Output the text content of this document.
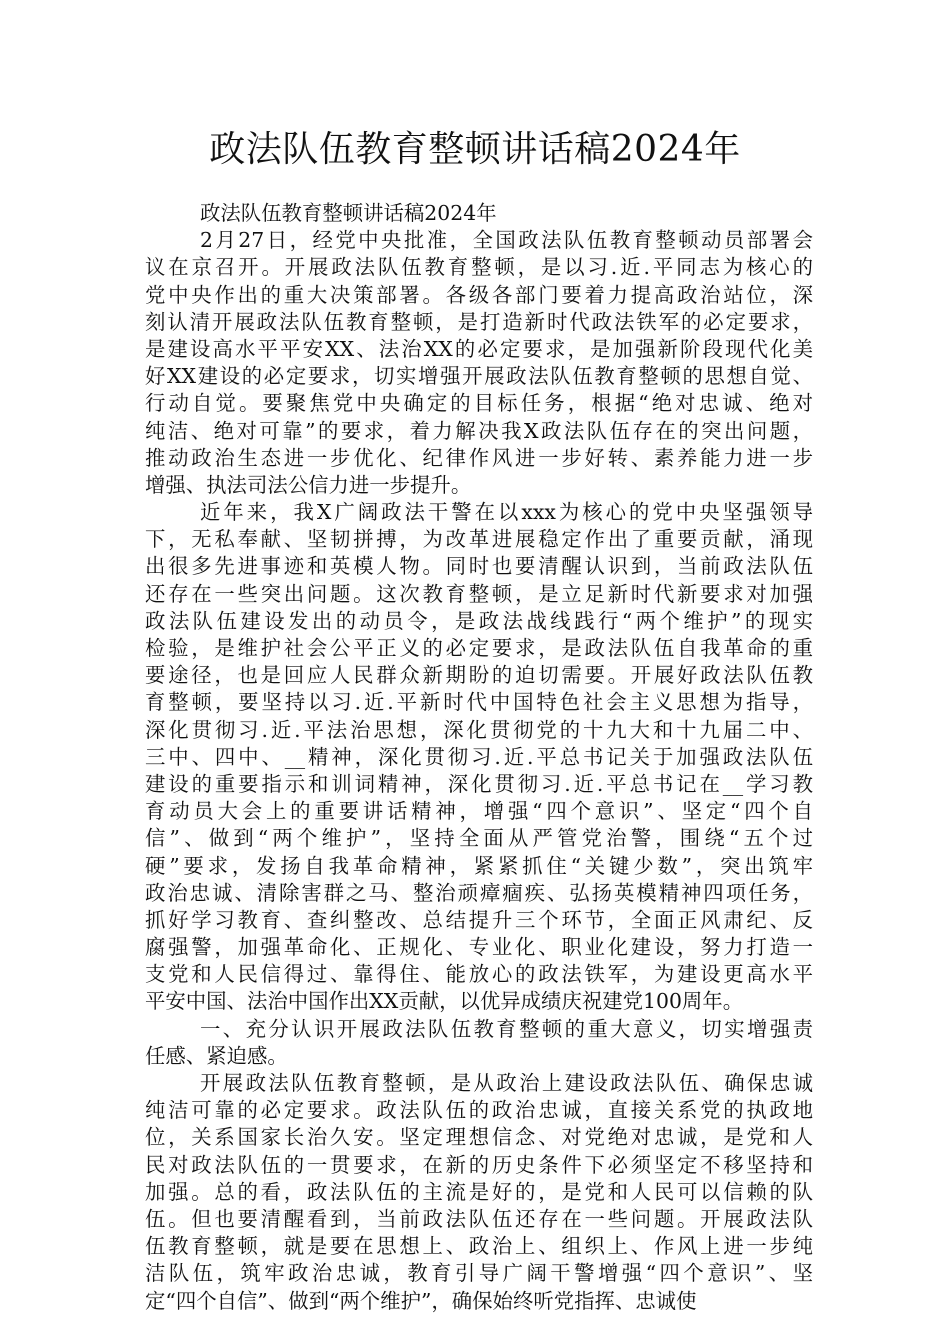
政法队伍教育整顿讲话稿2024年
政法队伍教育整顿讲话稿2024年
2月27日，经党中央批准，全国政法队伍教育整顿动员部署会
议在京召开。开展政法队伍教育整顿，是以习.近.平同志为核心的
党中央作出的重大决策部署。各级各部门要着力提高政治站位，深
刻认清开展政法队伍教育整顿，是打造新时代政法铁军的必定要求，
是建设高水平平安XX、法治XX的必定要求，是加强新阶段现代化美
好XX建设的必定要求，切实增强开展政法队伍教育整顿的思想自觉、
行动自觉。要聚焦党中央确定的目标任务，根据“绝对忠诚、绝对
纯洁、绝对可靠”的要求，着力解决我X政法队伍存在的突出问题，
推动政治生态进一步优化、纪律作风进一步好转、素养能力进一步
增强、执法司法公信力进一步提升。
近年来，我X广阔政法干警在以xxx为核心的党中央坚强领导
下，无私奉献、坚韧拼搏，为改革进展稳定作出了重要贡献，涌现
出很多先进事迹和英模人物。同时也要清醒认识到，当前政法队伍
还存在一些突出问题。这次教育整顿，是立足新时代新要求对加强
政法队伍建设发出的动员令，是政法战线践行“两个维护”的现实
检验，是维护社会公平正义的必定要求，是政法队伍自我革命的重
要途径，也是回应人民群众新期盼的迫切需要。开展好政法队伍教
育整顿，要坚持以习.近.平新时代中国特色社会主义思想为指导，
深化贯彻习.近.平法治思想，深化贯彻党的十九大和十九届二中、
三中、四中、__精神，深化贯彻习.近.平总书记关于加强政法队伍
建设的重要指示和训词精神，深化贯彻习.近.平总书记在__学习教
育动员大会上的重要讲话精神，增强“四个意识”、坚定“四个自
信”、做到“两个维护”，坚持全面从严管党治警，围绕“五个过
硬”要求，发扬自我革命精神，紧紧抓住“关键少数”，突出筑牢
政治忠诚、清除害群之马、整治顽瘴痼疾、弘扬英模精神四项任务，
抓好学习教育、查纠整改、总结提升三个环节，全面正风肃纪、反
腐强警，加强革命化、正规化、专业化、职业化建设，努力打造一
支党和人民信得过、靠得住、能放心的政法铁军，为建设更高水平
平安中国、法治中国作出XX贡献，以优异成绩庆祝建党100周年。
一、充分认识开展政法队伍教育整顿的重大意义，切实增强责
任感、紧迫感。
开展政法队伍教育整顿，是从政治上建设政法队伍、确保忠诚
纯洁可靠的必定要求。政法队伍的政治忠诚，直接关系党的执政地
位，关系国家长治久安。坚定理想信念、对党绝对忠诚，是党和人
民对政法队伍的一贯要求，在新的历史条件下必须坚定不移坚持和
加强。总的看，政法队伍的主流是好的，是党和人民可以信赖的队
伍。但也要清醒看到，当前政法队伍还存在一些问题。开展政法队
伍教育整顿，就是要在思想上、政治上、组织上、作风上进一步纯
洁队伍，筑牢政治忠诚，教育引导广阔干警增强“四个意识”、坚
定“四个自信”、做到“两个维护”，确保始终听党指挥、忠诚使
